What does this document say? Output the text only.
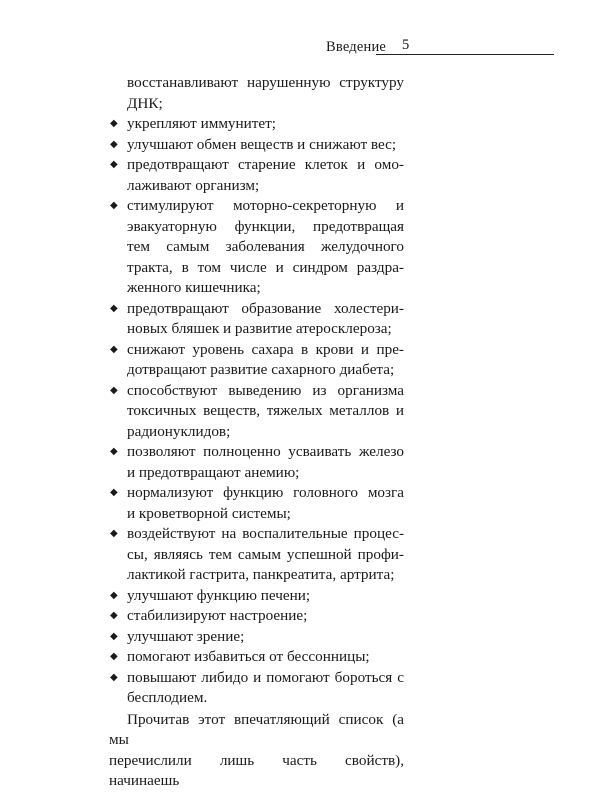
Введение 5
восстанавливают нарушенную структуру
ДНК;
◆ укрепляют иммунитет;
◆ улучшают обмен веществ и снижают вес;
◆ предотвращают старение клеток и омо-
лаживают организм;
◆ стимулируют моторно-секреторную и
эвакуаторную функции, предотвращая
тем самым заболевания желудочного
тракта, в том числе и синдром раздра-
женного кишечника;
◆ предотвращают образование холестери-
новых бляшек и развитие атеросклероза;
◆ снижают уровень сахара в крови и пре-
дотвращают развитие сахарного диабета;
◆ способствуют выведению из организма
токсичных веществ, тяжелых металлов и
радионуклидов;
◆ позволяют полноценно усваивать железо
и предотвращают анемию;
◆ нормализуют функцию головного мозга
и кроветворной системы;
◆ воздействуют на воспалительные процес-
сы, являясь тем самым успешной профи-
лактикой гастрита, панкреатита, артрита;
◆ улучшают функцию печени;
◆ стабилизируют настроение;
◆ улучшают зрение;
◆ помогают избавиться от бессонницы;
◆ повышают либидо и помогают бороться с
бесплодием.
Прочитав этот впечатляющий список (а мы
перечислили лишь часть свойств), начинаешь
